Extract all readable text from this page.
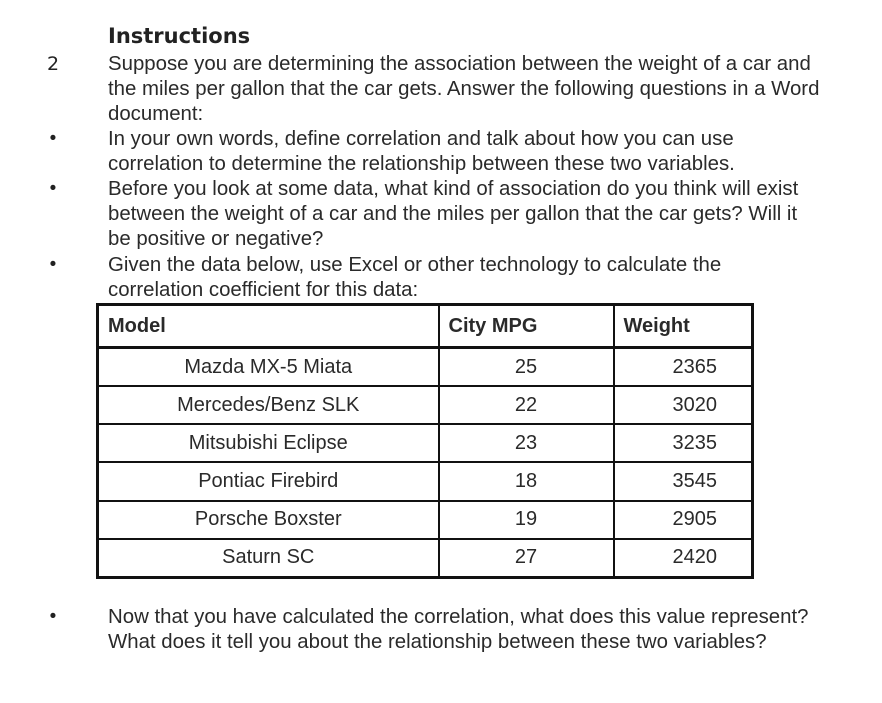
Instructions
2	Suppose you are determining the association between the weight of a car and the miles per gallon that the car gets. Answer the following questions in a Word document:
•	In your own words, define correlation and talk about how you can use correlation to determine the relationship between these two variables.
•	Before you look at some data, what kind of association do you think will exist between the weight of a car and the miles per gallon that the car gets? Will it be positive or negative?
•	Given the data below, use Excel or other technology to calculate the correlation coefficient for this data:
Model	City MPG	Weight
Mazda MX-5 Miata	25	2365
Mercedes/Benz SLK	22	3020
Mitsubishi Eclipse	23	3235
Pontiac Firebird	18	3545
Porsche Boxster	19	2905
Saturn SC	27	2420
•	Now that you have calculated the correlation, what does this value represent? What does it tell you about the relationship between these two variables?
